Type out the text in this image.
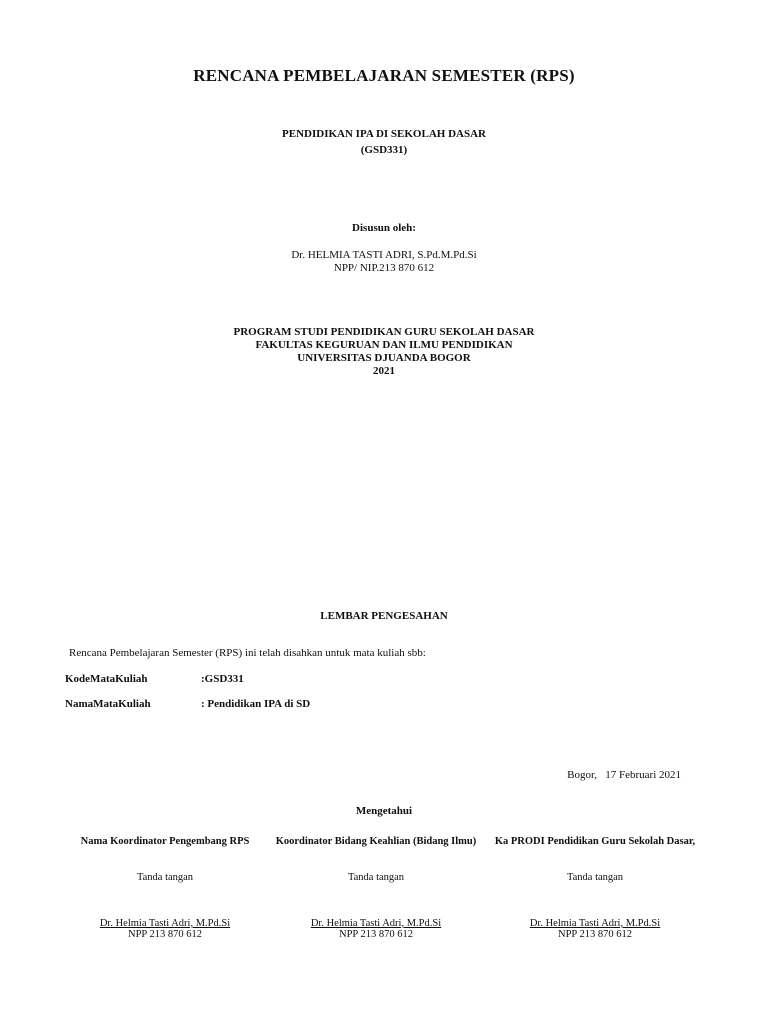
RENCANA PEMBELAJARAN SEMESTER (RPS)
PENDIDIKAN IPA DI SEKOLAH DASAR
(GSD331)
Disusun oleh:
Dr. HELMIA TASTI ADRI, S.Pd.M.Pd.Si
NPP/ NIP.213 870 612
PROGRAM STUDI PENDIDIKAN GURU SEKOLAH DASAR
FAKULTAS KEGURUAN DAN ILMU PENDIDIKAN
UNIVERSITAS DJUANDA BOGOR
2021
LEMBAR PENGESAHAN
Rencana Pembelajaran Semester (RPS) ini telah disahkan untuk mata kuliah sbb:
KodeMataKuliah	:GSD331
NamaMataKuliah	: Pendidikan IPA di SD
Bogor,   17 Februari 2021
Mengetahui
Nama Koordinator Pengembang RPS
Tanda tangan
Dr. Helmia Tasti Adri, M.Pd.Si
NPP 213 870 612
Koordinator Bidang Keahlian (Bidang Ilmu)
Tanda tangan
Dr. Helmia Tasti Adri, M.Pd.Si
NPP 213 870 612
Ka PRODI Pendidikan Guru Sekolah Dasar,
Tanda tangan
Dr. Helmia Tasti Adri, M.Pd.Si
NPP 213 870 612
